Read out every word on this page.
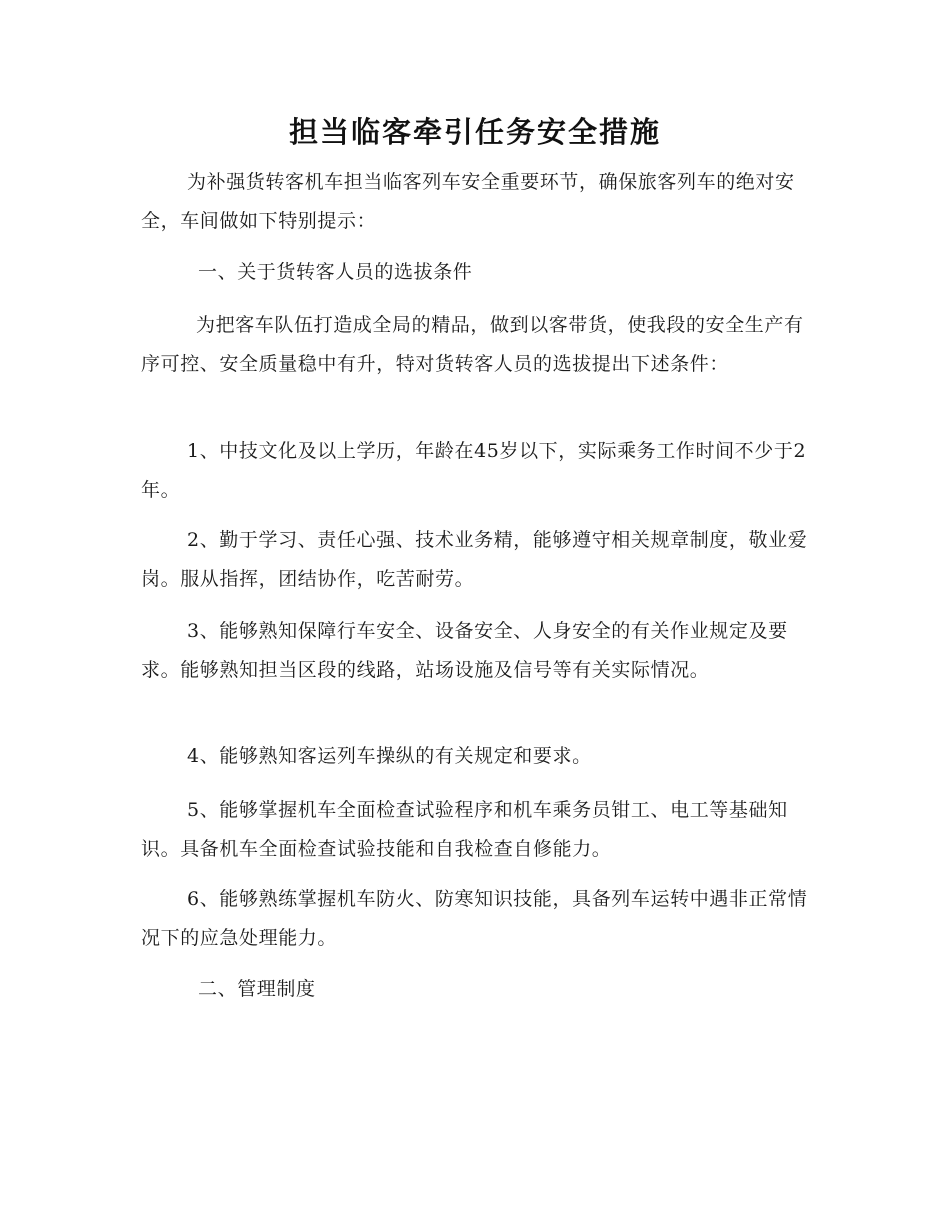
担当临客牵引任务安全措施

为补强货转客机车担当临客列车安全重要环节，确保旅客列车的绝对安全，车间做如下特别提示：

一、关于货转客人员的选拔条件

为把客车队伍打造成全局的精品，做到以客带货，使我段的安全生产有序可控、安全质量稳中有升，特对货转客人员的选拔提出下述条件：

1、中技文化及以上学历，年龄在45岁以下，实际乘务工作时间不少于2年。

2、勤于学习、责任心强、技术业务精，能够遵守相关规章制度，敬业爱岗。服从指挥，团结协作，吃苦耐劳。

3、能够熟知保障行车安全、设备安全、人身安全的有关作业规定及要求。能够熟知担当区段的线路，站场设施及信号等有关实际情况。

4、能够熟知客运列车操纵的有关规定和要求。

5、能够掌握机车全面检查试验程序和机车乘务员钳工、电工等基础知识。具备机车全面检查试验技能和自我检查自修能力。

6、能够熟练掌握机车防火、防寒知识技能，具备列车运转中遇非正常情况下的应急处理能力。

二、管理制度
